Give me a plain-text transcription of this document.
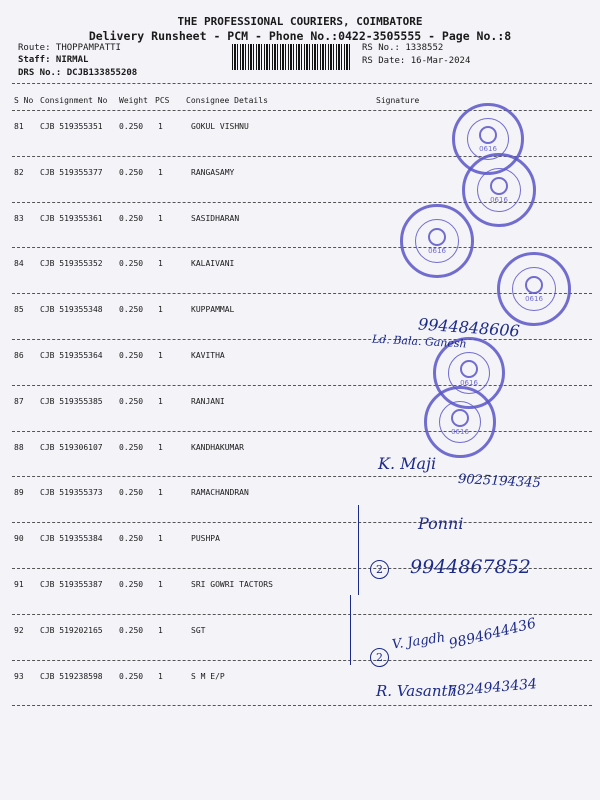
THE PROFESSIONAL COURIERS, COIMBATORE
Delivery Runsheet - PCM - Phone No.:0422-3505555 - Page No.:8
Route: THOPPAMPATTI
Staff: NIRMAL
DRS No.: DCJB133855208
RS No.: 1338552
RS Date: 16-Mar-2024
S No Consignment No Weight PCS Consignee Details	Signature
81 CJB 519355351 0.250 1	GOKUL VISHNU
82 CJB 519355377 0.250 1	RANGASAMY
83 CJB 519355361 0.250 1	SASIDHARAN
84 CJB 519355352 0.250 1	KALAIVANI
85 CJB 519355348 0.250 1	KUPPAMMAL
86 CJB 519355364 0.250 1	KAVITHA
87 CJB 519355385 0.250 1	RANJANI
88 CJB 519306107 0.250 1	KANDHAKUMAR
89 CJB 519355373 0.250 1	RAMACHANDRAN
90 CJB 519355384 0.250 1	PUSHPA
91 CJB 519355387 0.250 1	SRI GOWRI TACTORS
92 CJB 519202165 0.250 1	SGT
93 CJB 519238598 0.250 1	S M E/P
0616
0616
0616
0616
0616
0616
9944848606
Ld. Bala. Ganesh
K. Maji
9025194345
Ponni
2	9944867852
2
V. Jagdh 9894644436
R. Vasanth
7824943434
